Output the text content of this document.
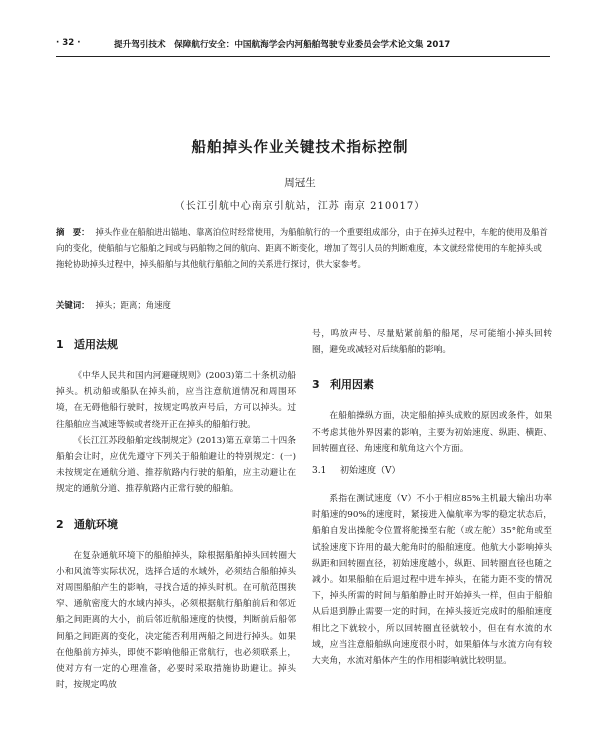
· 32 ·	提升驾引技术　保障航行安全：中国航海学会内河船舶驾驶专业委员会学术论文集 2017
船舶掉头作业关键技术指标控制
周冠生
（长江引航中心南京引航站，江苏 南京 210017）
摘　要： 掉头作业在船舶进出锚地、靠离泊位时经常使用，为船舶航行的一个重要组成部分，由于在掉头过程中，车舵的使用及船首向的变化，使船舶与它船舶之间或与码舶物之间的航向、距离不断变化，增加了驾引人员的判断难度，本文就经常使用的车舵掉头或拖轮协助掉头过程中，掉头船舶与其他航行船舶之间的关系进行探讨，供大家参考。
关键词： 掉头；距离；角速度
1 适用法规

《中华人民共和国内河避碰规则》(2003)第二十条机动船掉头。机动船或船队在掉头前，应当注意航道情况和周围环境，在无碍他船行驶时，按规定鸣放声号后，方可以掉头。过往船舶应当减速等候或者绕开正在掉头的船舶行驶。

《长江江苏段船舶定线制规定》(2013)第五章第二十四条船舶会让时，应优先遵守下列关于船舶避让的特别规定：(一)未按规定在通航分道、推荐航路内行驶的船舶，应主动避让在规定的通航分道、推荐航路内正常行驶的船舶。

2 通航环境

在复杂通航环境下的船舶掉头，除根据船舶掉头回转圈大小和风流等实际状况，选择合适的水域外，必须结合船舶掉头对周围船舶产生的影响，寻找合适的掉头时机。在可航范围狭窄、通航密度大的水域内掉头，必须根据航行船舶前后和邻近船之间距离的大小，前后邻近航船速度的快慢，判断前后船邻间船之间距离的变化，决定能否利用两船之间进行掉头。如果在他船前方掉头，即使不影响他船正常航行，也必须联系上，使对方有一定的心理准备，必要时采取措施协助避让。掉头时，按规定鸣放

号，鸣放声号、尽量贴紧前船的船尾，尽可能缩小掉头回转圈，避免或减轻对后续船舶的影响。

3 利用因素

在船舶操纵方面，决定船舶掉头成败的原因或条件，如果不考虑其他外界因素的影响，主要为初始速度、纵距、横距、回转圈直径、角速度和航角这六个方面。

3.1 初始速度（V）

系指在测试速度（V）不小于相应85%主机最大输出功率时船速的90%的速度时，紧接进入偏航率为零的稳定状态后，船舶自发出操舵令位置将舵操至右舵（或左舵）35°舵角或至试验速度下许用的最大舵角时的船舶速度。他航大小影响掉头纵距和回转圈直径，初始速度越小，纵距、回转圈直径也随之减小。如果船舶在后退过程中进车掉头，在能力距不变的情况下，掉头所需的时间与船舶静止时开始掉头一样，但由于船舶从后退到静止需要一定的时间，在掉头接近完成时的船舶速度相比之下就较小，所以回转圈直径就较小，但在有水流的水域，应当注意船舶纵向速度很小时，如果船体与水流方向有较大夹角，水流对船体产生的作用相影响就比较明显。
